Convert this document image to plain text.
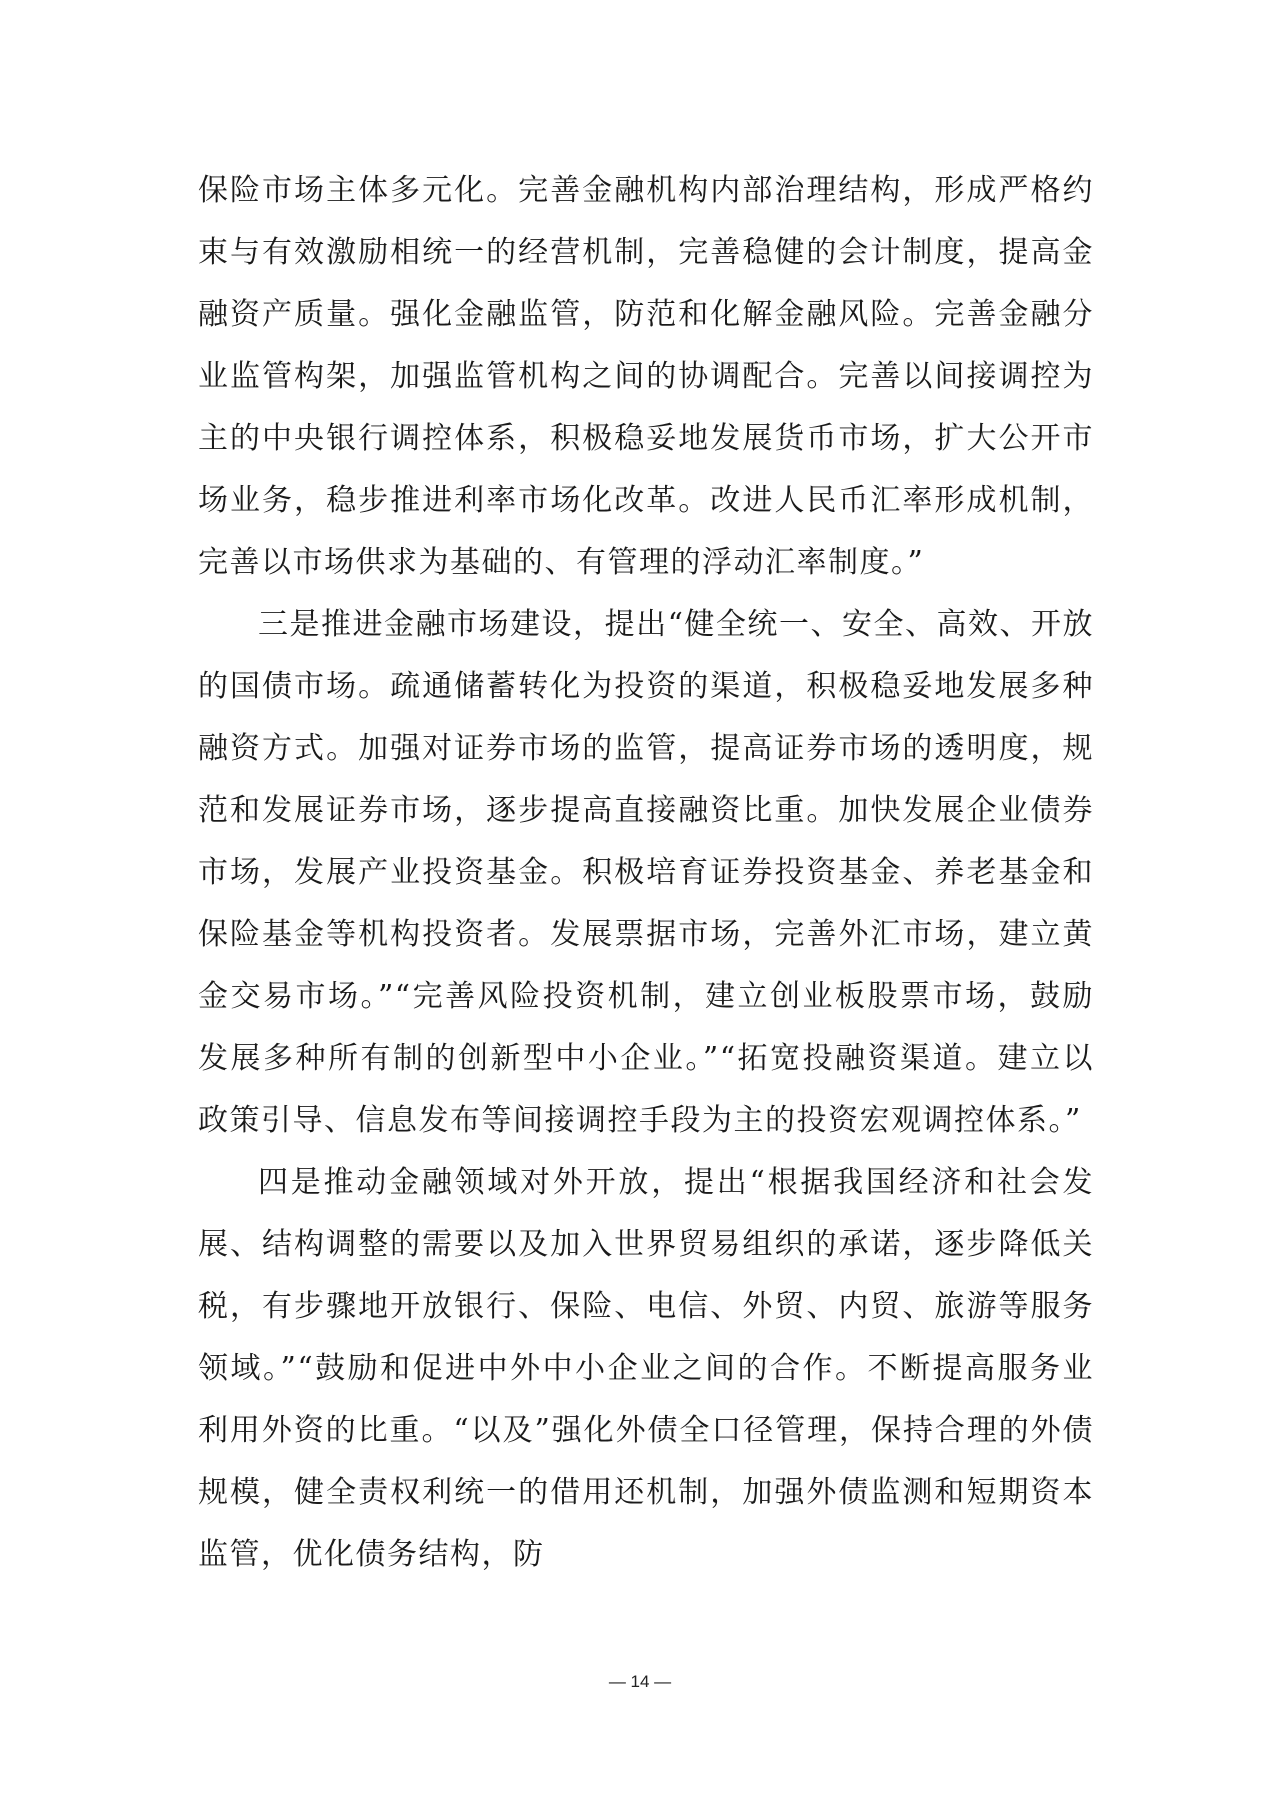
保险市场主体多元化。完善金融机构内部治理结构，形成严格约束与有效激励相统一的经营机制，完善稳健的会计制度，提高金融资产质量。强化金融监管，防范和化解金融风险。完善金融分业监管构架，加强监管机构之间的协调配合。完善以间接调控为主的中央银行调控体系，积极稳妥地发展货币市场，扩大公开市场业务，稳步推进利率市场化改革。改进人民币汇率形成机制，完善以市场供求为基础的、有管理的浮动汇率制度。”

三是推进金融市场建设，提出“健全统一、安全、高效、开放的国债市场。疏通储蓄转化为投资的渠道，积极稳妥地发展多种融资方式。加强对证券市场的监管，提高证券市场的透明度，规范和发展证券市场，逐步提高直接融资比重。加快发展企业债券市场，发展产业投资基金。积极培育证券投资基金、养老基金和保险基金等机构投资者。发展票据市场，完善外汇市场，建立黄金交易市场。”“完善风险投资机制，建立创业板股票市场，鼓励发展多种所有制的创新型中小企业。”“拓宽投融资渠道。建立以政策引导、信息发布等间接调控手段为主的投资宏观调控体系。”

四是推动金融领域对外开放，提出“根据我国经济和社会发展、结构调整的需要以及加入世界贸易组织的承诺，逐步降低关税，有步骤地开放银行、保险、电信、外贸、内贸、旅游等服务领域。”“鼓励和促进中外中小企业之间的合作。不断提高服务业利用外资的比重。“以及”强化外债全口径管理，保持合理的外债规模，健全责权利统一的借用还机制，加强外债监测和短期资本监管，优化债务结构，防

— 14 —
